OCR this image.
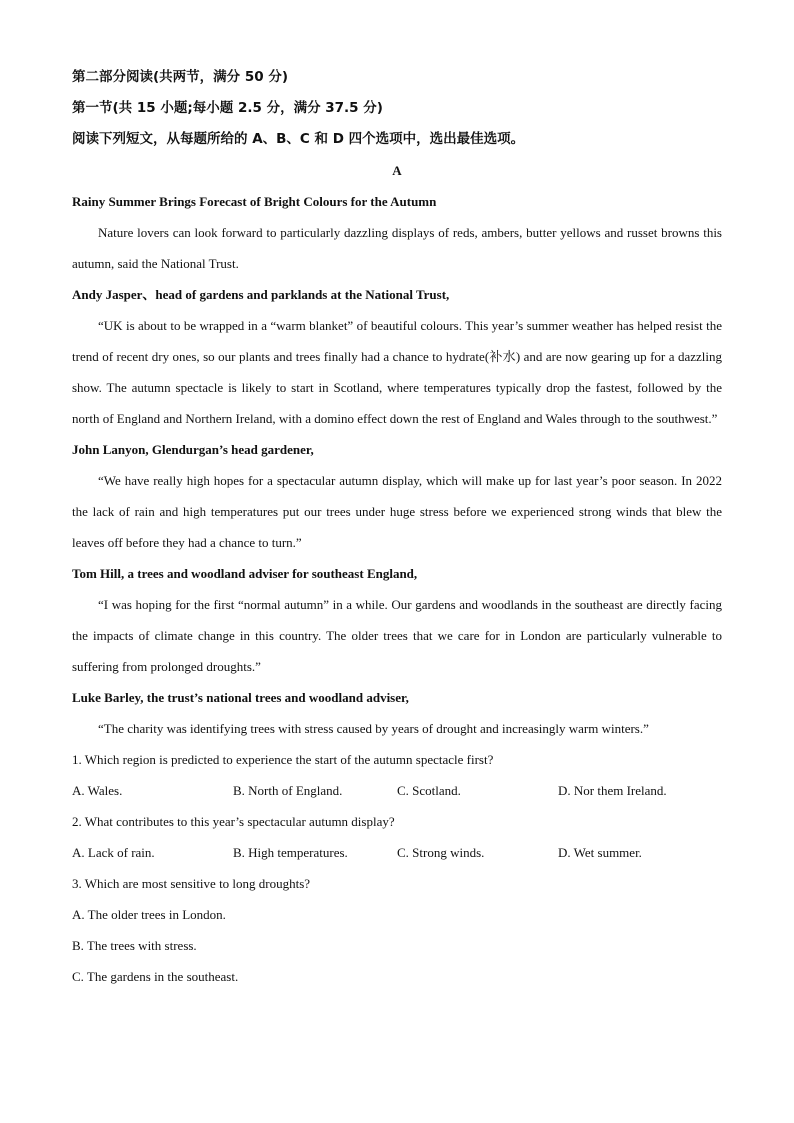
第二部分阅读(共两节，满分 50 分)
第一节(共 15 小题;每小题 2.5 分，满分 37.5 分)
阅读下列短文，从每题所给的 A、B、C 和 D 四个选项中，选出最佳选项。
A
Rainy Summer Brings Forecast of Bright Colours for the Autumn

Nature lovers can look forward to particularly dazzling displays of reds, ambers, butter yellows and russet browns this autumn, said the National Trust.

Andy Jasper、head of gardens and parklands at the National Trust,

“UK is about to be wrapped in a “warm blanket” of beautiful colours. This year’s summer weather has helped resist the trend of recent dry ones, so our plants and trees finally had a chance to hydrate(补水) and are now gearing up for a dazzling show. The autumn spectacle is likely to start in Scotland, where temperatures typically drop the fastest, followed by the north of England and Northern Ireland, with a domino effect down the rest of England and Wales through to the southwest.”

John Lanyon, Glendurgan’s head gardener,

“We have really high hopes for a spectacular autumn display, which will make up for last year’s poor season. In 2022 the lack of rain and high temperatures put our trees under huge stress before we experienced strong winds that blew the leaves off before they had a chance to turn.”

Tom Hill, a trees and woodland adviser for southeast England,

“I was hoping for the first “normal autumn” in a while. Our gardens and woodlands in the southeast are directly facing the impacts of climate change in this country. The older trees that we care for in London are particularly vulnerable to suffering from prolonged droughts.”

Luke Barley, the trust’s national trees and woodland adviser,

“The charity was identifying trees with stress caused by years of drought and increasingly warm winters.”

1. Which region is predicted to experience the start of the autumn spectacle first?
A. Wales.	B. North of England.	C. Scotland.	D. Nor them Ireland.
2. What contributes to this year’s spectacular autumn display?
A. Lack of rain.	B. High temperatures.	C. Strong winds.	D. Wet summer.
3. Which are most sensitive to long droughts?
A. The older trees in London.
B. The trees with stress.
C. The gardens in the southeast.
